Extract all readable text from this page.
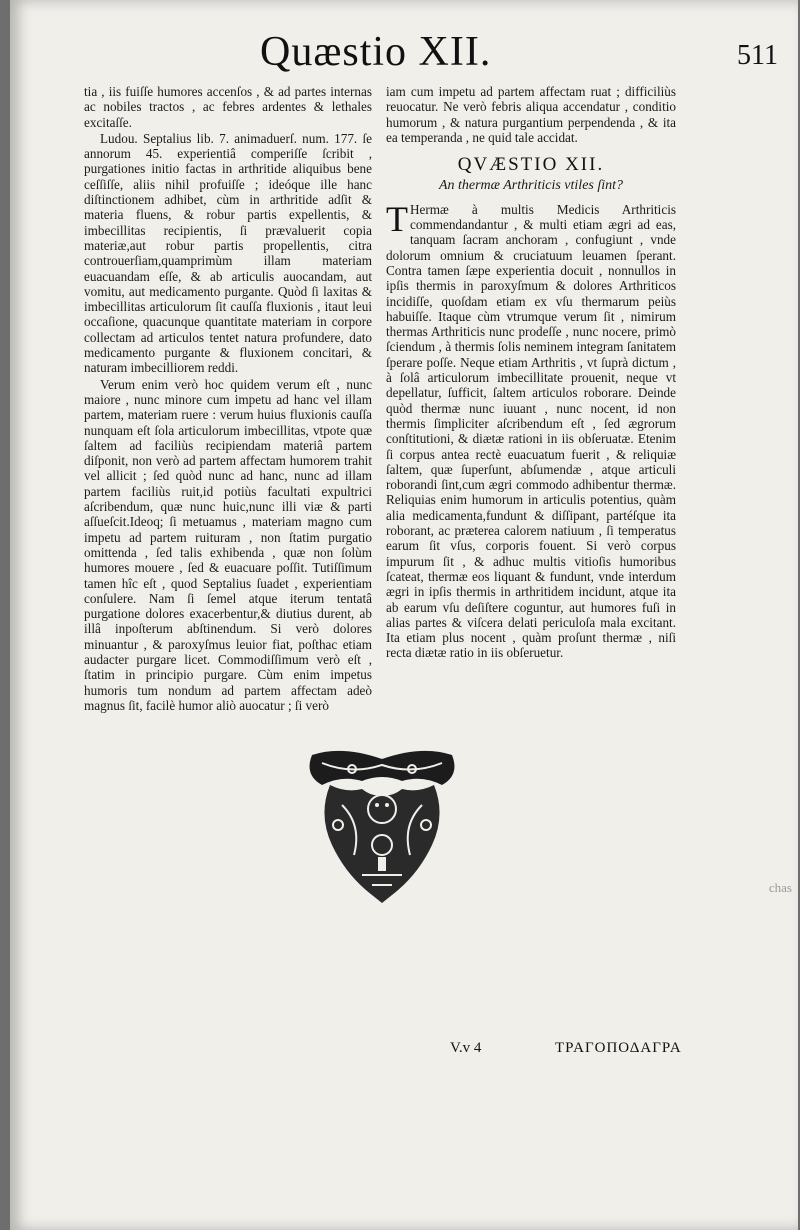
Quæstio XII.	511

tia , iis fuiſſe humores accenſos , & ad partes internas ac nobiles tractos , ac febres ardentes & lethales excitaſſe.

Ludou. Septalius lib. 7. animaduerſ. num. 177. ſe annorum 45. experientiâ comperiſſe ſcribit , purgationes initio factas in arthritide aliquibus bene ceſſiſſe, aliis nihil profuiſſe ; ideóque ille hanc diſtinctionem adhibet, cùm in arthritide adſit & materia fluens, & robur partis expellentis, & imbecillitas recipientis, ſi prævaluerit copia materiæ,aut robur partis propellentis, citra controuerſiam,quamprimùm illam materiam euacuandam eſſe, & ab articulis auocandam, aut vomitu, aut medicamento purgante. Quòd ſi laxitas & imbecillitas articulorum ſit cauſſa fluxionis , itaut leui occaſione, quacunque quantitate materiam in corpore collectam ad articulos tentet natura profundere, dato medicamento purgante & fluxionem concitari, & naturam imbecilliorem reddi.

Verum enim verò hoc quidem verum eſt , nunc maiore , nunc minore cum impetu ad hanc vel illam partem, materiam ruere : verum huius fluxionis cauſſa nunquam eſt ſola articulorum imbecillitas, vtpote quæ ſaltem ad faciliùs recipiendam materiâ partem diſponit, non verò ad partem affectam humorem trahit vel allicit ; ſed quòd nunc ad hanc, nunc ad illam partem faciliùs ruit,id potiùs facultati expultrici aſcribendum, quæ nunc huic,nunc illi viæ & parti aſſueſcit.Ideoq; ſi metuamus , materiam magno cum impetu ad partem ruituram , non ſtatim purgatio omittenda , ſed talis exhibenda , quæ non ſolùm humores mouere , ſed & euacuare poſſit. Tutiſſimum tamen hîc eſt , quod Septalius ſuadet , experientiam conſulere. Nam ſi ſemel atque iterum tentatâ purgatione dolores exacerbentur,& diutius durent, ab illâ inpoſterum abſtinendum. Si verò dolores minuantur , & paroxyſmus leuior fiat, poſthac etiam audacter purgare licet. Commodiſſimum verò eſt , ſtatim in principio purgare. Cùm enim impetus humoris tum nondum ad partem affectam adeò magnus ſit, facilè humor aliò auocatur ; ſi verò

iam cum impetu ad partem affectam ruat ; difficiliùs reuocatur. Ne verò febris aliqua accendatur , conditio humorum , & natura purgantium perpendenda , & ita ea temperanda , ne quid tale accidat.

QVÆSTIO XII.
An thermæ Arthriticis vtiles ſint?

T Hermæ à multis Medicis Arthriticis commendandantur , & multi etiam ægri ad eas, tanquam ſacram anchoram , confugiunt , vnde dolorum omnium & cruciatuum leuamen ſperant. Contra tamen ſæpe experientia docuit , nonnullos in ipſis thermis in paroxyſmum & dolores Arthriticos incidiſſe, quoſdam etiam ex vſu thermarum peiùs habuiſſe. Itaque cùm vtrumque verum ſit , nimirum thermas Arthriticis nunc prodeſſe , nunc nocere, primò ſciendum , à thermis ſolis neminem integram ſanitatem ſperare poſſe. Neque etiam Arthritis , vt ſuprà dictum , à ſolâ articulorum imbecillitate prouenit, neque vt depellatur, ſufficit, ſaltem articulos roborare. Deinde quòd thermæ nunc iuuant , nunc nocent, id non thermis ſimpliciter aſcribendum eſt , ſed ægrorum conſtitutioni, & diætæ rationi in iis obſeruatæ. Etenim ſi corpus antea rectè euacuatum fuerit , & reliquiæ ſaltem, quæ ſuperſunt, abſumendæ , atque articuli roborandi ſint,cum ægri commodo adhibentur thermæ. Reliquias enim humorum in articulis potentius, quàm alia medicamenta,fundunt & diſſipant, partéſque ita roborant, ac præterea calorem natiuum , ſi temperatus earum ſit vſus, corporis fouent. Si verò corpus impurum ſit , & adhuc multis vitioſis humoribus ſcateat, thermæ eos liquant & fundunt, vnde interdum ægri in ipſis thermis in arthritidem incidunt, atque ita ab earum vſu deſiſtere coguntur, aut humores fuſi in alias partes & viſcera delati periculoſa mala excitant. Ita etiam plus nocent , quàm proſunt thermæ , niſi recta diætæ ratio in iis obſeruetur.

V.v 4	ΤΡΑΓΟΠΟΔΑΓΡΑ
chas
